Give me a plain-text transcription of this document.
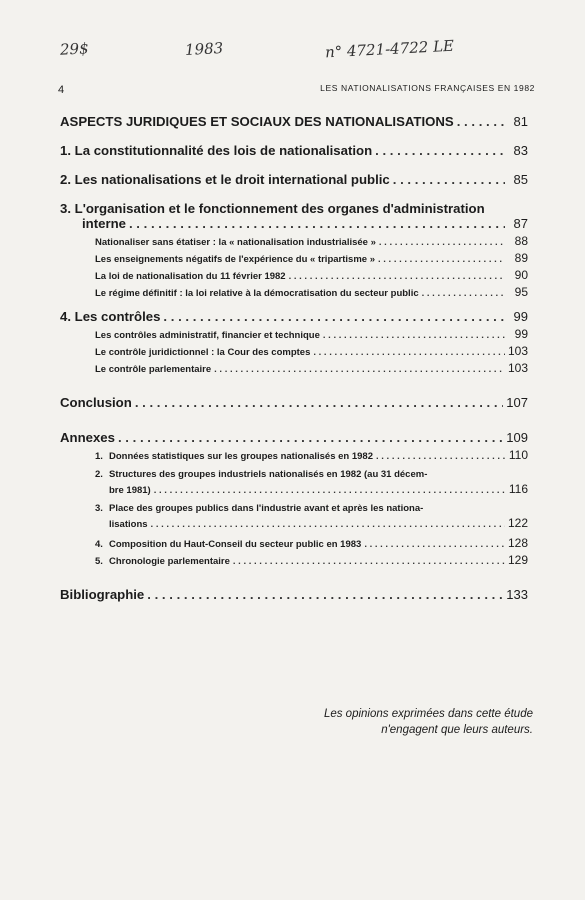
29$	1983	n° 4721-4722 LE
4	LES NATIONALISATIONS FRANÇAISES EN 1982
ASPECTS JURIDIQUES ET SOCIAUX DES NATIONALISATIONS . . .	81
1. La constitutionnalité des lois de nationalisation . . .	83
2. Les nationalisations et le droit international public . . .	85
3. L'organisation et le fonctionnement des organes d'administration
interne . . .	87
Nationaliser sans étatiser : la « nationalisation industrialisée » . . .	88
Les enseignements négatifs de l'expérience du « tripartisme » . . .	89
La loi de nationalisation du 11 février 1982 . . .	90
Le régime définitif : la loi relative à la démocratisation du secteur public . . .	95
4. Les contrôles . . .	99
Les contrôles administratif, financier et technique . . .	99
Le contrôle juridictionnel : la Cour des comptes . . .	103
Le contrôle parlementaire . . .	103
Conclusion . . .	107
Annexes . . .	109
1. Données statistiques sur les groupes nationalisés en 1982 . . .	110
2. Structures des groupes industriels nationalisés en 1982 (au 31 décem-
bre 1981) . . .	116
3. Place des groupes publics dans l'industrie avant et après les nationa-
lisations . . .	122
4. Composition du Haut-Conseil du secteur public en 1983 . . .	128
5. Chronologie parlementaire . . .	129
Bibliographie . . .	133
Les opinions exprimées dans cette étude
n'engagent que leurs auteurs.
